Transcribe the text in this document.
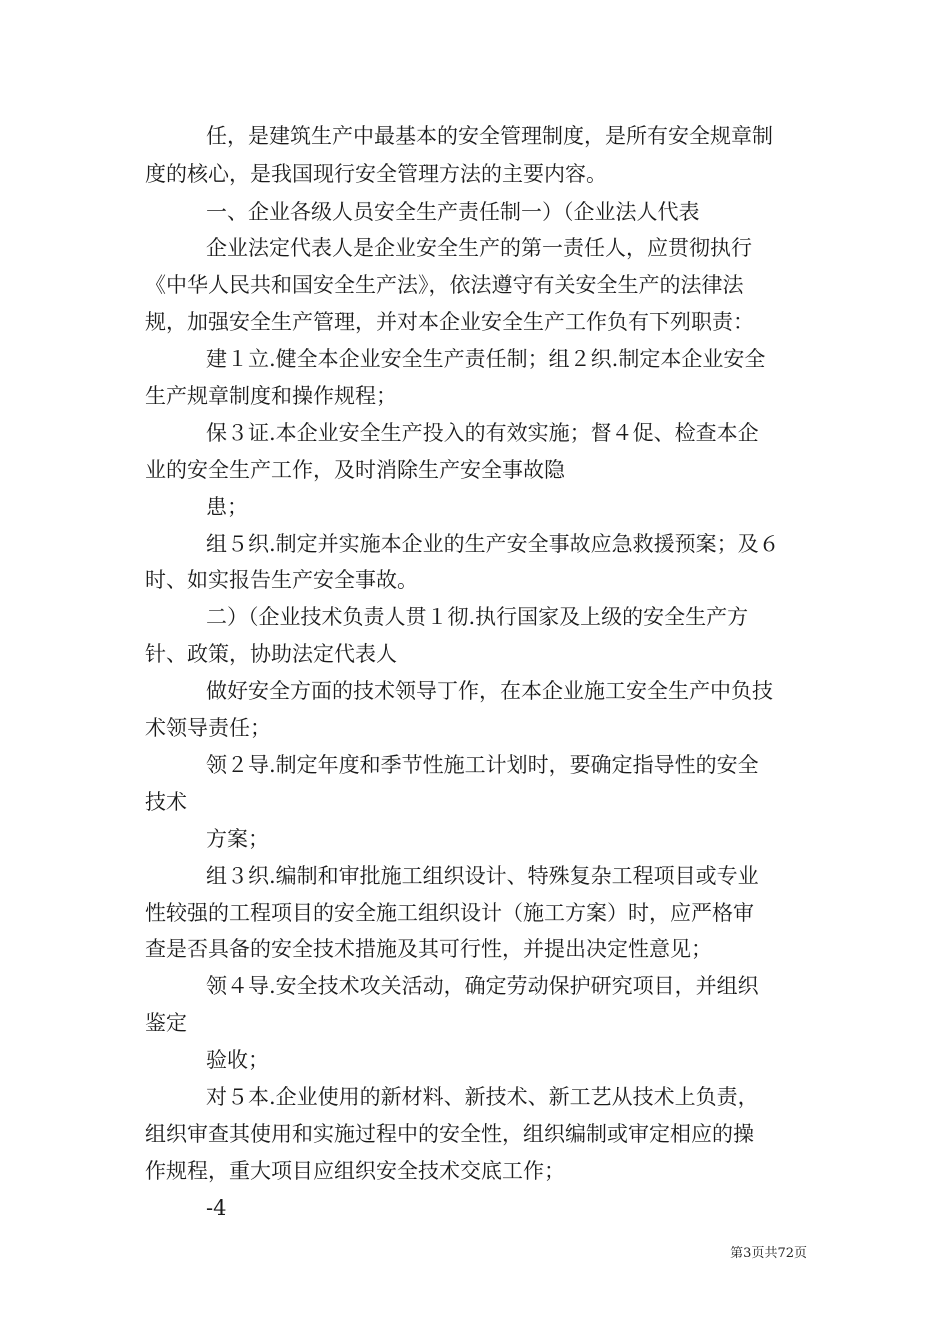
任，是建筑生产中最基本的安全管理制度，是所有安全规章制
度的核心，是我国现行安全管理方法的主要内容。
一、企业各级人员安全生产责任制一）（企业法人代表
企业法定代表人是企业安全生产的第一责任人，应贯彻执行
《中华人民共和国安全生产法》，依法遵守有关安全生产的法律法
规，加强安全生产管理，并对本企业安全生产工作负有下列职责：
建１立.健全本企业安全生产责任制；组２织.制定本企业安全
生产规章制度和操作规程；
保３证.本企业安全生产投入的有效实施；督４促、检查本企
业的安全生产工作，及时消除生产安全事故隐
患；
组５织.制定并实施本企业的生产安全事故应急救援预案；及６
时、如实报告生产安全事故。
二）（企业技术负责人贯１彻.执行国家及上级的安全生产方
针、政策，协助法定代表人
做好安全方面的技术领导丁作，在本企业施工安全生产中负技
术领导责任；
领２导.制定年度和季节性施工计划时，要确定指导性的安全
技术
方案；
组３织.编制和审批施工组织设计、特殊复杂工程项目或专业
性较强的工程项目的安全施工组织设计（施工方案）时，应严格审
查是否具备的安全技术措施及其可行性，并提出决定性意见；
领４导.安全技术攻关活动，确定劳动保护研究项目，并组织
鉴定
验收；
对５本.企业使用的新材料、新技术、新工艺从技术上负责，
组织审查其使用和实施过程中的安全性，组织编制或审定相应的操
作规程，重大项目应组织安全技术交底工作；
-4
第3页共72页
